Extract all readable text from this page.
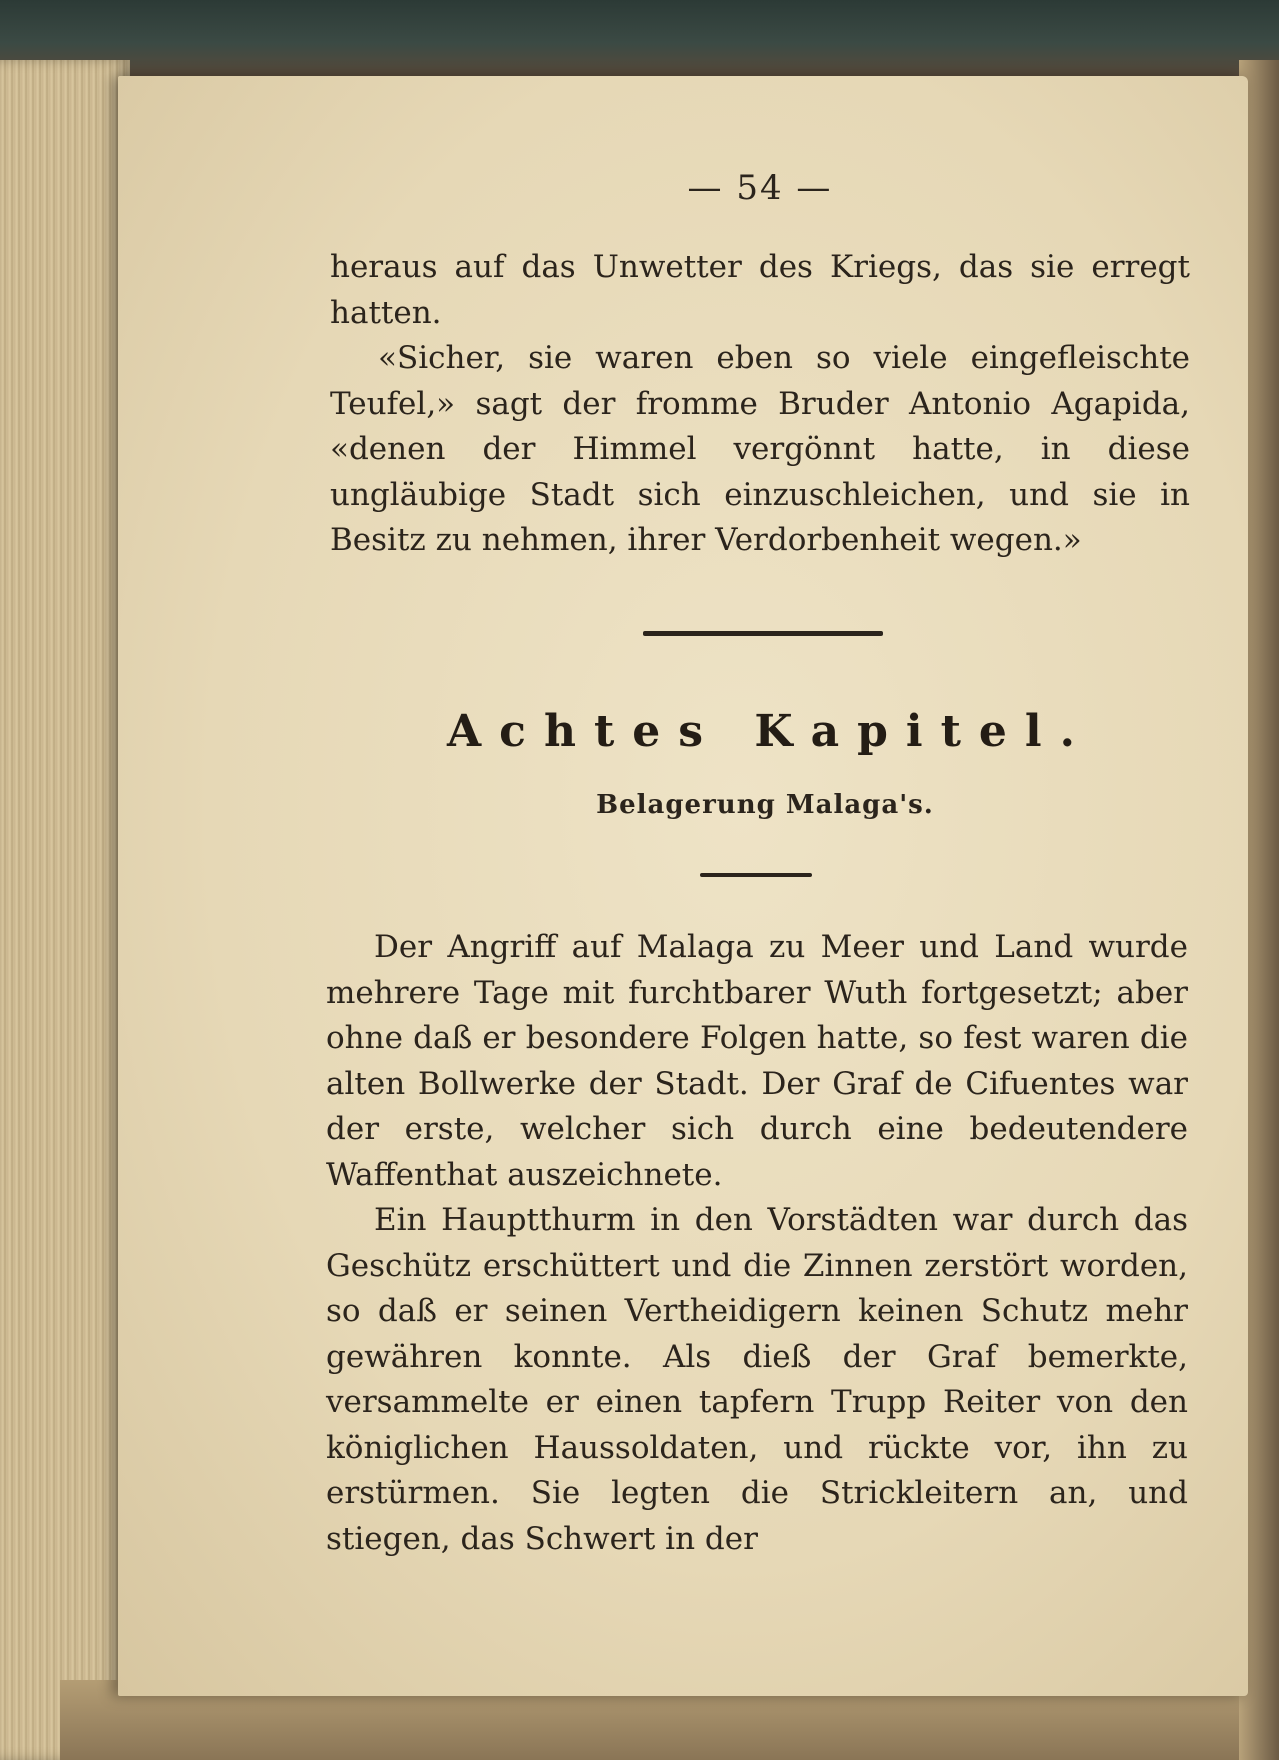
— 54 —

heraus auf das Unwetter des Kriegs, das sie erregt hatten.

«Sicher, sie waren eben so viele eingefleischte Teufel,» sagt der fromme Bruder Antonio Agapida, «denen der Himmel vergönnt hatte, in diese ungläubige Stadt sich einzuschleichen, und sie in Besitz zu nehmen, ihrer Verdorbenheit wegen.»

Achtes Kapitel.
Belagerung Malaga's.

Der Angriff auf Malaga zu Meer und Land wurde mehrere Tage mit furchtbarer Wuth fortgesetzt; aber ohne daß er besondere Folgen hatte, so fest waren die alten Bollwerke der Stadt. Der Graf de Cifuentes war der erste, welcher sich durch eine bedeutendere Waffenthat auszeichnete.

Ein Hauptthurm in den Vorstädten war durch das Geschütz erschüttert und die Zinnen zerstört worden, so daß er seinen Vertheidigern keinen Schutz mehr gewähren konnte. Als dieß der Graf bemerkte, versammelte er einen tapfern Trupp Reiter von den königlichen Haussoldaten, und rückte vor, ihn zu erstürmen. Sie legten die Strickleitern an, und stiegen, das Schwert in der
